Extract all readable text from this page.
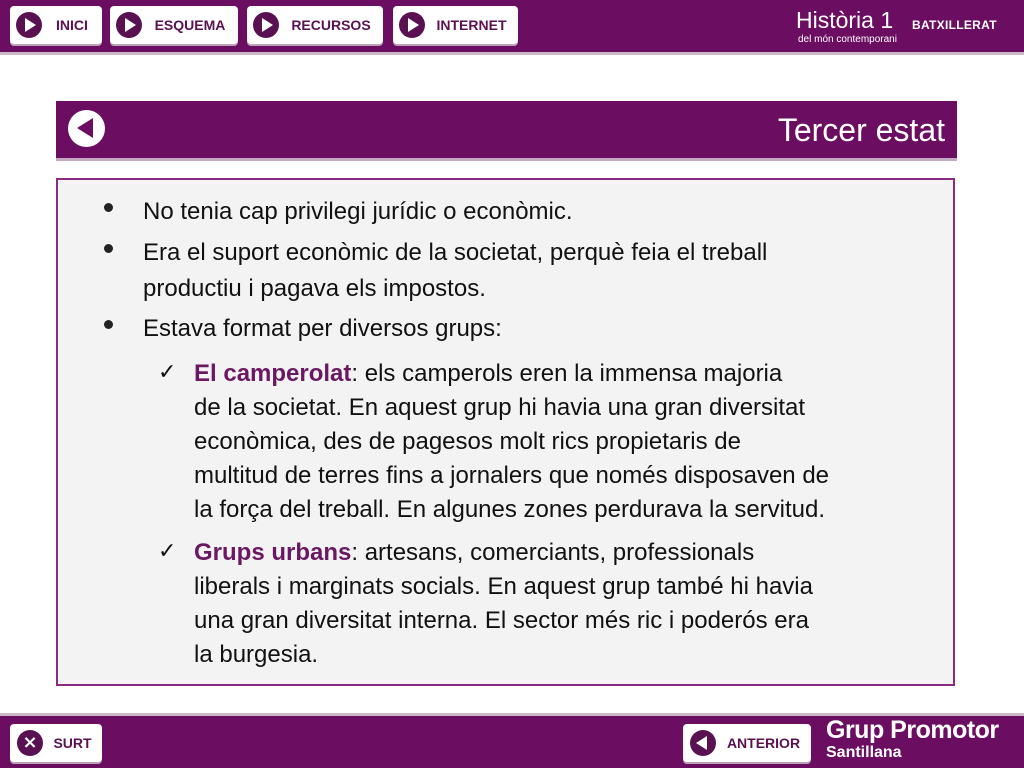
INICI	ESQUEMA	RECURSOS	INTERNET	Història 1 BATXILLERAT
del món contemporani
Tercer estat
No tenia cap privilegi jurídic o econòmic.
Era el suport econòmic de la societat, perquè feia el treball
productiu i pagava els impostos.
Estava format per diversos grups:
✓ El camperolat: els camperols eren la immensa majoria
de la societat. En aquest grup hi havia una gran diversitat
econòmica, des de pagesos molt rics propietaris de
multitud de terres fins a jornalers que només disposaven de
la força del treball. En algunes zones perdurava la servitud.
✓ Grups urbans: artesans, comerciants, professionals
liberals i marginats socials. En aquest grup també hi havia
una gran diversitat interna. El sector més ric i poderós era
la burgesia.
×	SURT	ANTERIOR	Grup Promotor
Santillana
